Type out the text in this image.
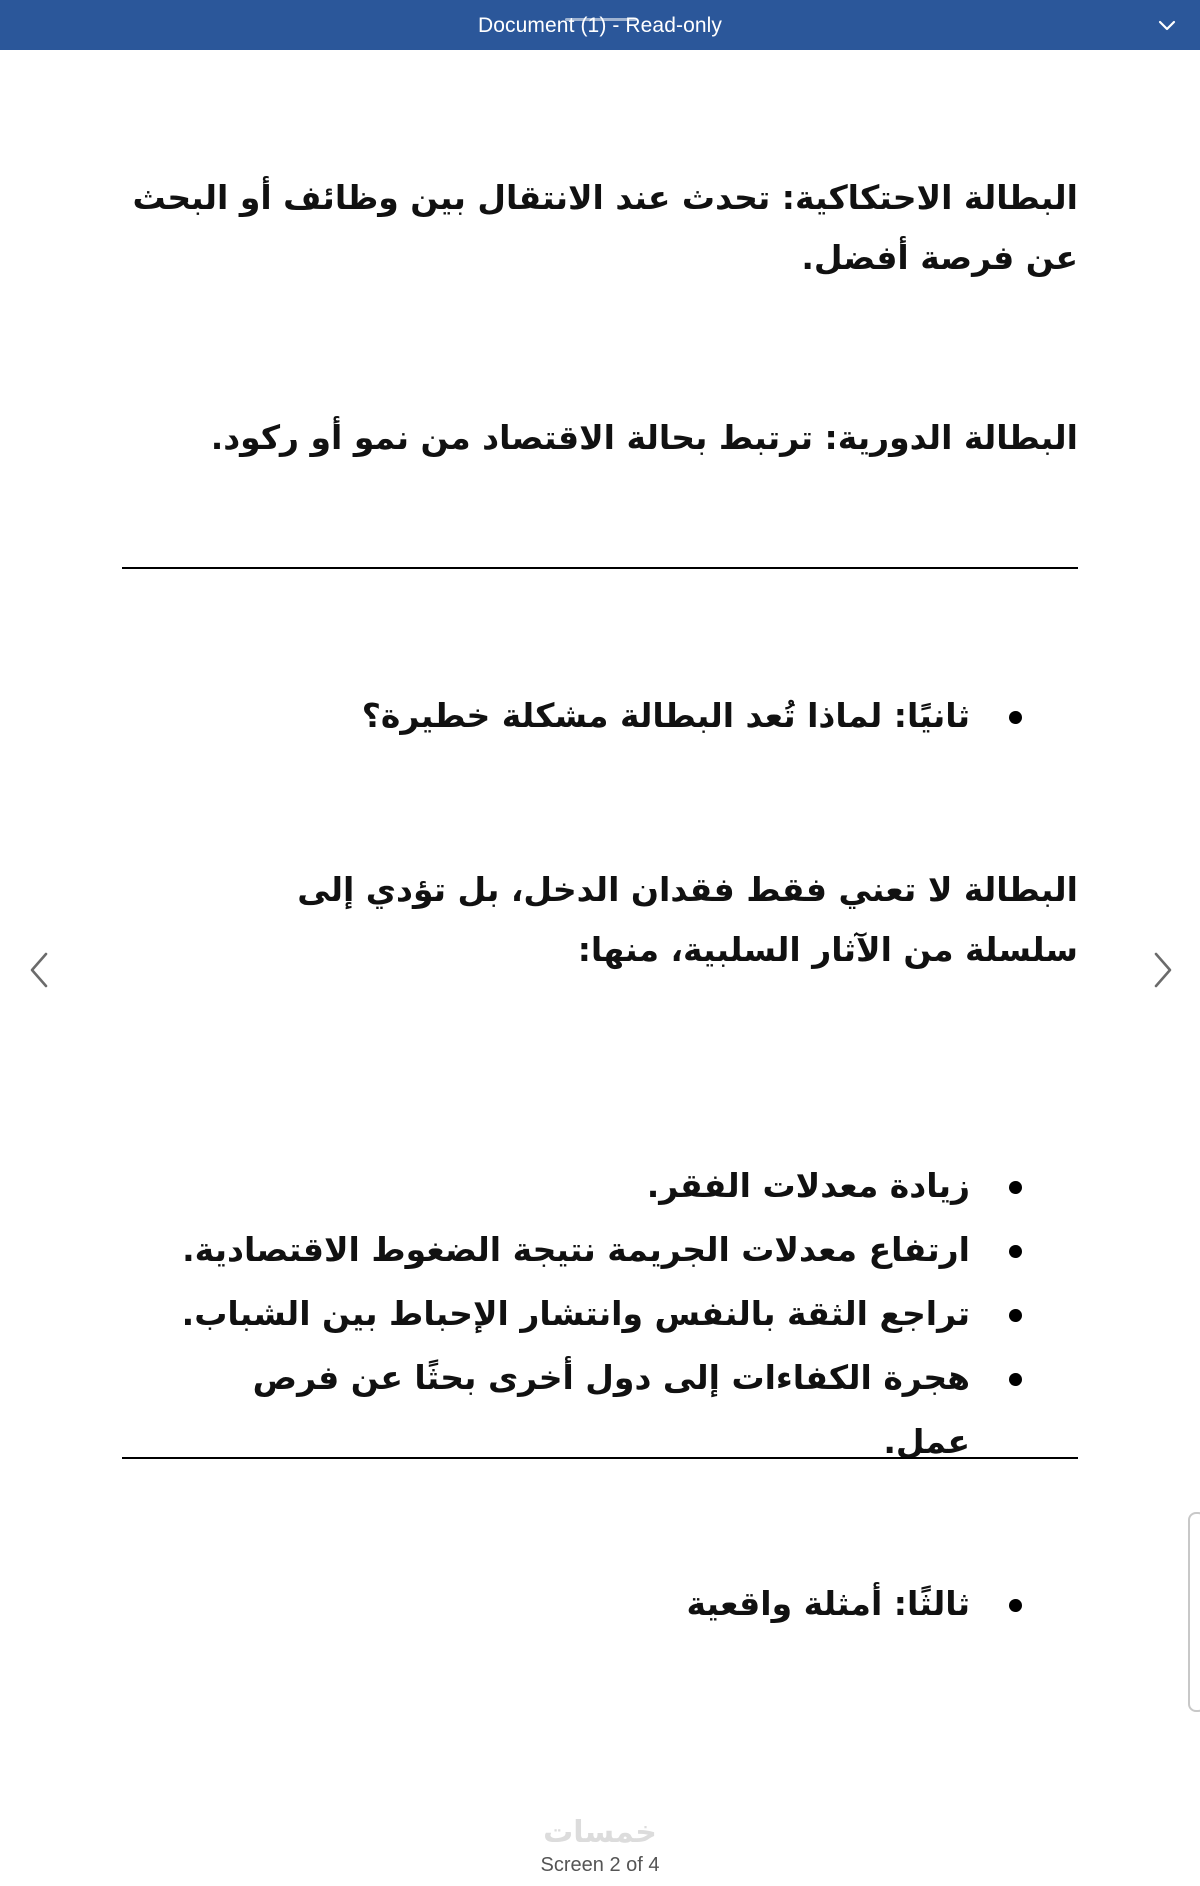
Document (1) - Read-only

البطالة الاحتكاكية: تحدث عند الانتقال بين وظائف أو البحث عن فرصة أفضل.

البطالة الدورية: ترتبط بحالة الاقتصاد من نمو أو ركود.

ثانيًا: لماذا تُعد البطالة مشكلة خطيرة؟

البطالة لا تعني فقط فقدان الدخل، بل تؤدي إلى سلسلة من الآثار السلبية، منها:

زيادة معدلات الفقر.
ارتفاع معدلات الجريمة نتيجة الضغوط الاقتصادية.
تراجع الثقة بالنفس وانتشار الإحباط بين الشباب.
هجرة الكفاءات إلى دول أخرى بحثًا عن فرص عمل.
ثالثًا: أمثلة واقعية
خمسات
Screen 2 of 4
